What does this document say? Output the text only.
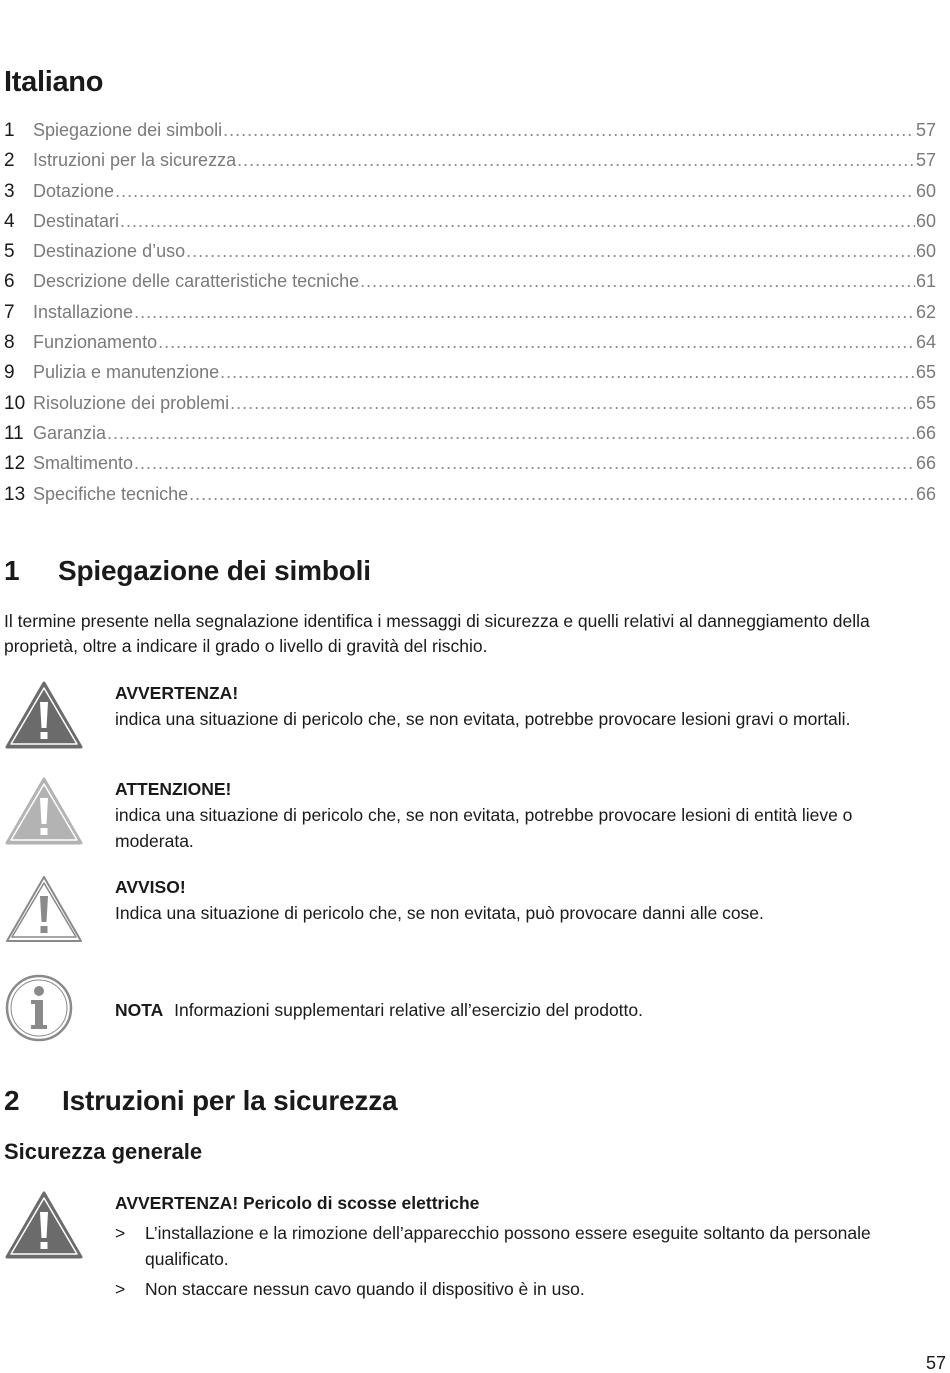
Italiano
1	Spiegazione dei simboli .....	57
2	Istruzioni per la sicurezza .....	57
3	Dotazione .....	60
4	Destinatari .....	60
5	Destinazione d’uso .....	60
6	Descrizione delle caratteristiche tecniche .....	61
7	Installazione .....	62
8	Funzionamento .....	64
9	Pulizia e manutenzione .....	65
10 Risoluzione dei problemi .....	65
11 Garanzia .....	66
12 Smaltimento .....	66
13 Specifiche tecniche .....	66
1	Spiegazione dei simboli

Il termine presente nella segnalazione identifica i messaggi di sicurezza e quelli relativi al danneggiamento della proprietà, oltre a indicare il grado o livello di gravità del rischio.

AVVERTENZA!
indica una situazione di pericolo che, se non evitata, potrebbe provocare lesioni gravi o mortali.
ATTENZIONE!
indica una situazione di pericolo che, se non evitata, potrebbe provocare lesioni di entità lieve o moderata.
AVVISO!
Indica una situazione di pericolo che, se non evitata, può provocare danni alle cose.
NOTA Informazioni supplementari relative all’esercizio del prodotto.
2	Istruzioni per la sicurezza
Sicurezza generale
AVVERTENZA! Pericolo di scosse elettriche
> L’installazione e la rimozione dell’apparecchio possono essere eseguite soltanto da personale qualificato.
> Non staccare nessun cavo quando il dispositivo è in uso.
57
